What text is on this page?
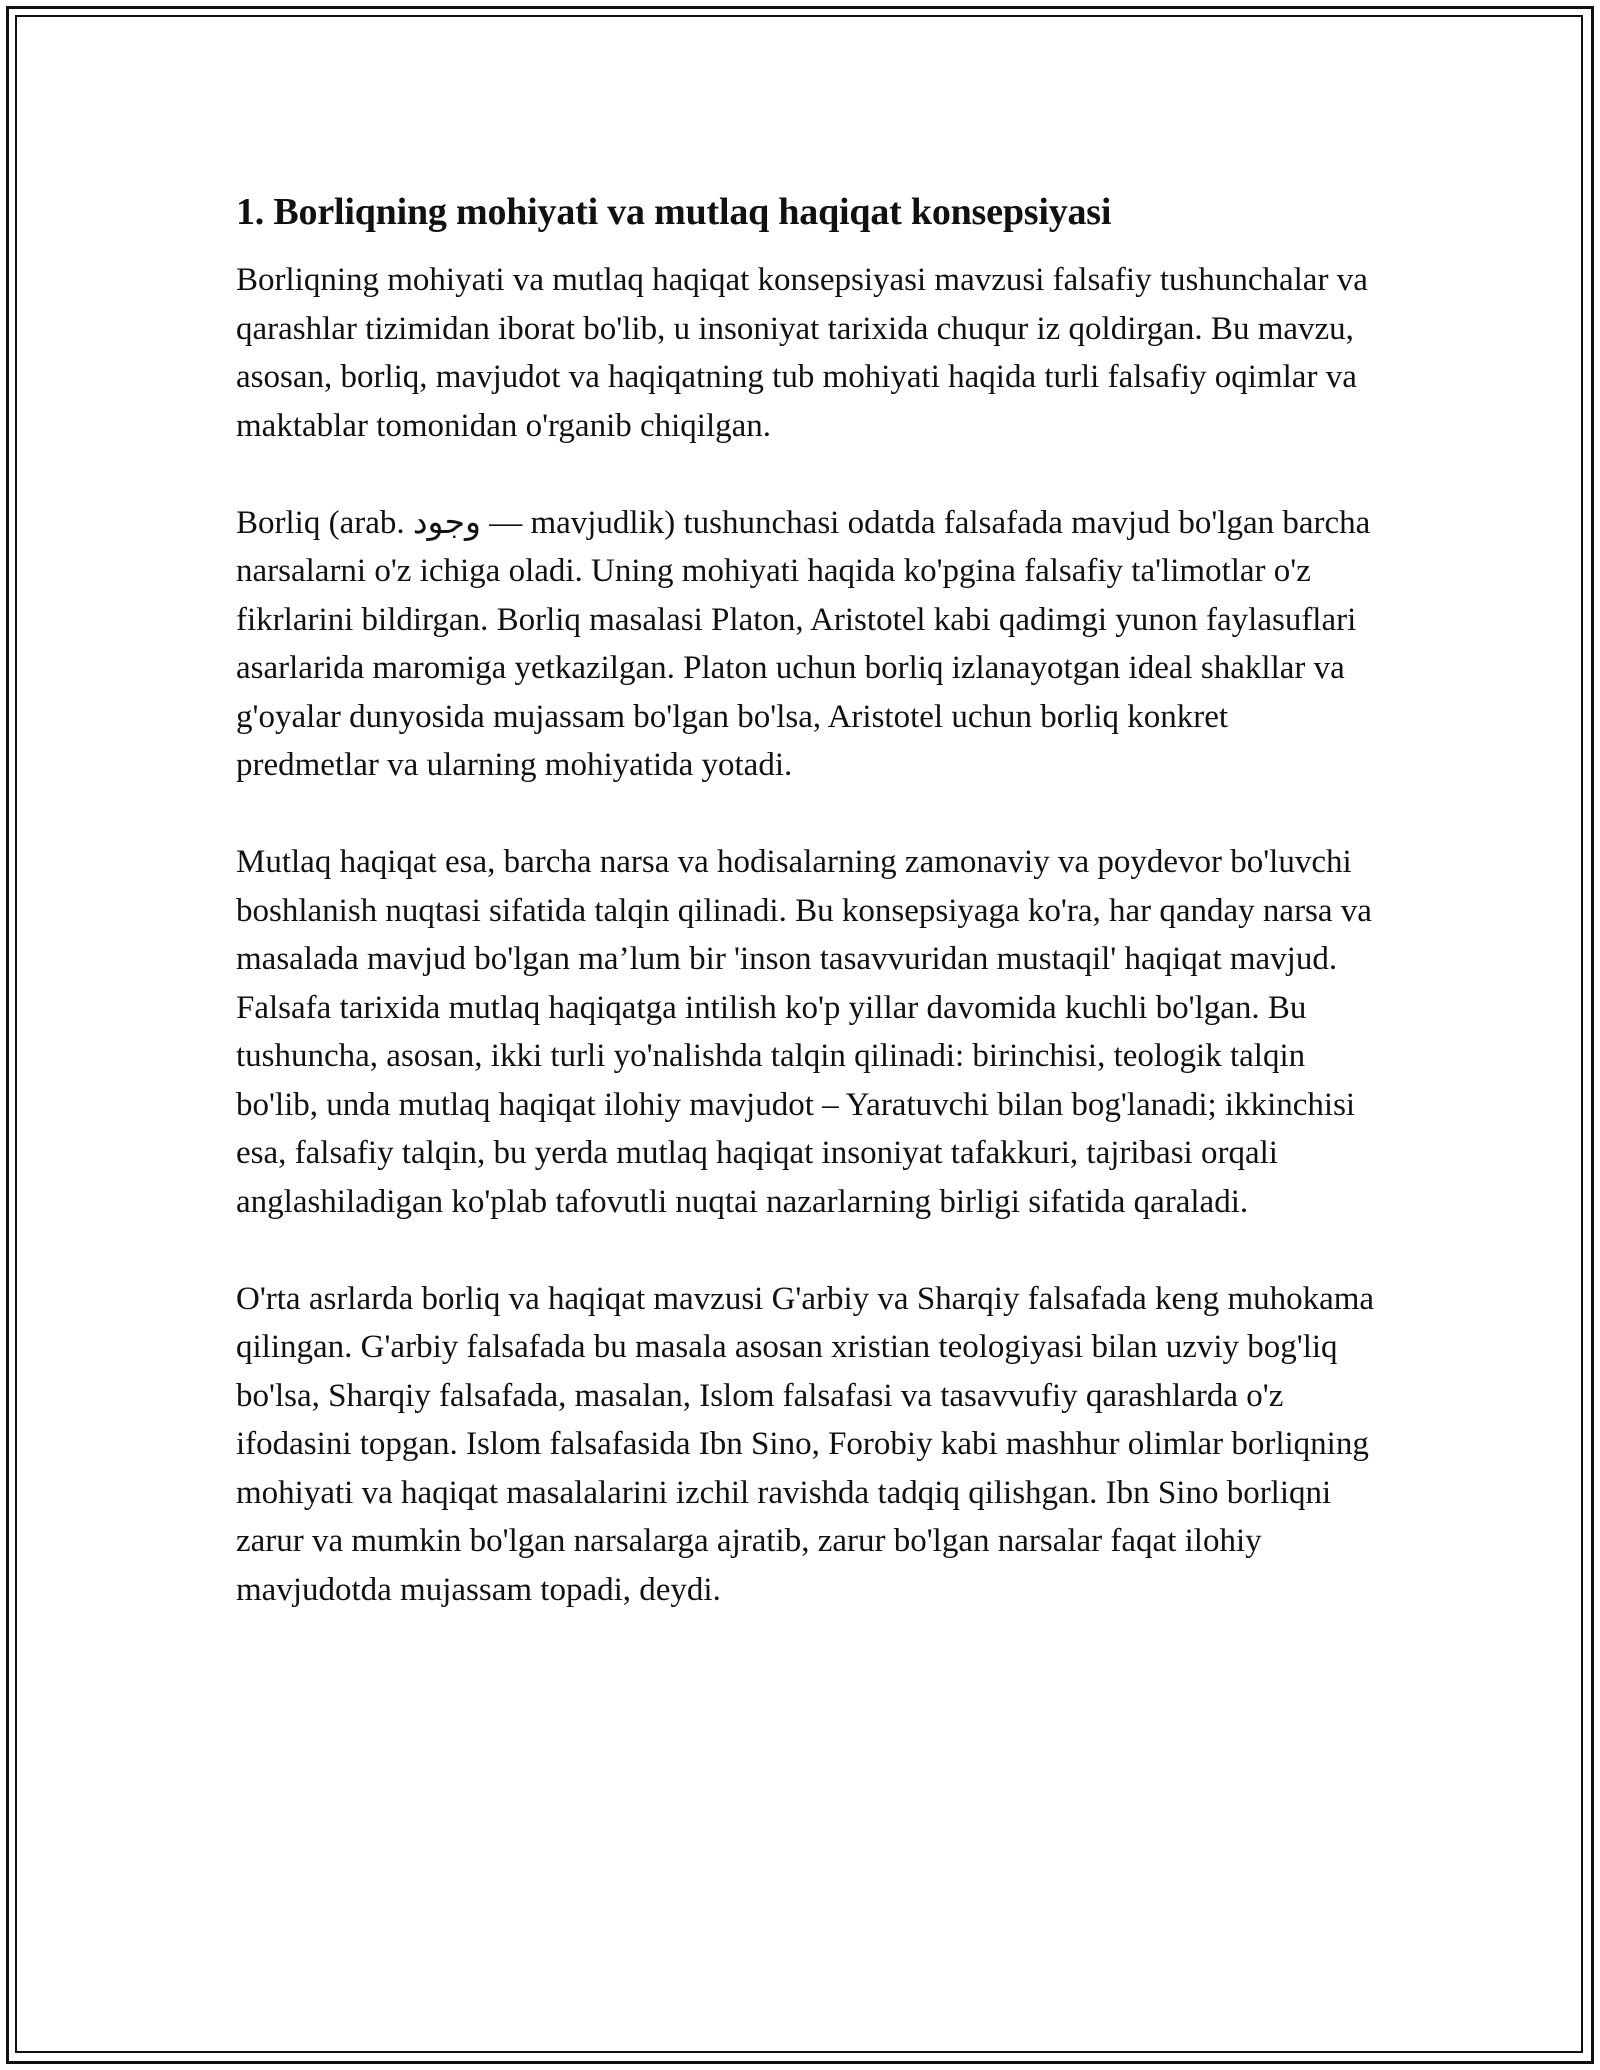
1. Borliqning mohiyati va mutlaq haqiqat konsepsiyasi

Borliqning mohiyati va mutlaq haqiqat konsepsiyasi mavzusi falsafiy tushunchalar va qarashlar tizimidan iborat bo'lib, u insoniyat tarixida chuqur iz qoldirgan. Bu mavzu, asosan, borliq, mavjudot va haqiqatning tub mohiyati haqida turli falsafiy oqimlar va maktablar tomonidan o'rganib chiqilgan.

Borliq (arab. وجود — mavjudlik) tushunchasi odatda falsafada mavjud bo'lgan barcha narsalarni o'z ichiga oladi. Uning mohiyati haqida ko'pgina falsafiy ta'limotlar o'z fikrlarini bildirgan. Borliq masalasi Platon, Aristotel kabi qadimgi yunon faylasuflari asarlarida maromiga yetkazilgan. Platon uchun borliq izlanayotgan ideal shakllar va g'oyalar dunyosida mujassam bo'lgan bo'lsa, Aristotel uchun borliq konkret predmetlar va ularning mohiyatida yotadi.

Mutlaq haqiqat esa, barcha narsa va hodisalarning zamonaviy va poydevor bo'luvchi boshlanish nuqtasi sifatida talqin qilinadi. Bu konsepsiyaga ko'ra, har qanday narsa va masalada mavjud bo'lgan ma’lum bir 'inson tasavvuridan mustaqil' haqiqat mavjud. Falsafa tarixida mutlaq haqiqatga intilish ko'p yillar davomida kuchli bo'lgan. Bu tushuncha, asosan, ikki turli yo'nalishda talqin qilinadi: birinchisi, teologik talqin bo'lib, unda mutlaq haqiqat ilohiy mavjudot – Yaratuvchi bilan bog'lanadi; ikkinchisi esa, falsafiy talqin, bu yerda mutlaq haqiqat insoniyat tafakkuri, tajribasi orqali anglashiladigan ko'plab tafovutli nuqtai nazarlarning birligi sifatida qaraladi.

O'rta asrlarda borliq va haqiqat mavzusi G'arbiy va Sharqiy falsafada keng muhokama qilingan. G'arbiy falsafada bu masala asosan xristian teologiyasi bilan uzviy bog'liq bo'lsa, Sharqiy falsafada, masalan, Islom falsafasi va tasavvufiy qarashlarda o'z ifodasini topgan. Islom falsafasida Ibn Sino, Forobiy kabi mashhur olimlar borliqning mohiyati va haqiqat masalalarini izchil ravishda tadqiq qilishgan. Ibn Sino borliqni zarur va mumkin bo'lgan narsalarga ajratib, zarur bo'lgan narsalar faqat ilohiy mavjudotda mujassam topadi, deydi.
